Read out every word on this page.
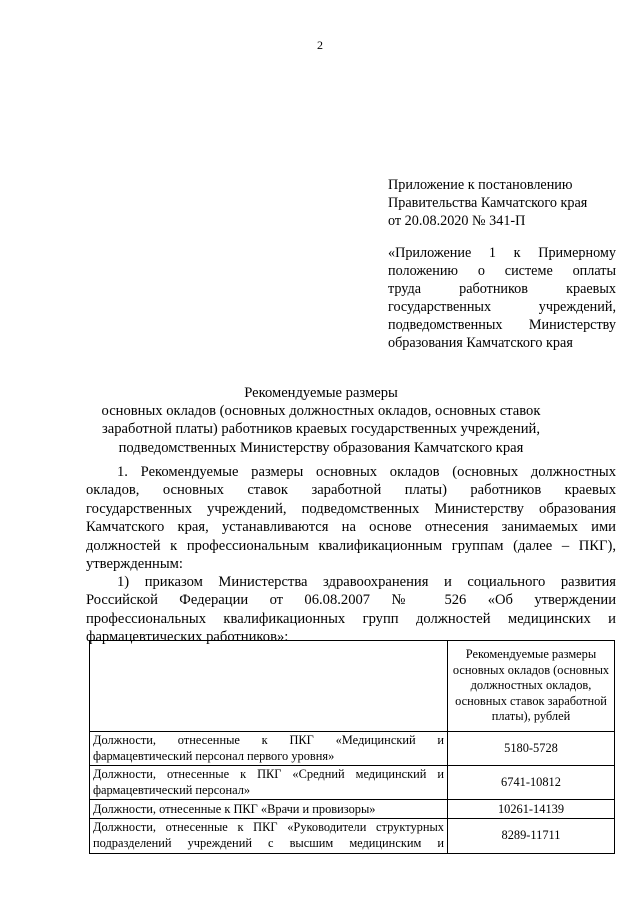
2
Приложение к постановлению
Правительства Камчатского края
от 20.08.2020 № 341-П
«Приложение 1 к Примерному
положению о системе оплаты
труда работников краевых
государственных учреждений,
подведомственных Министерству
образования Камчатского края
Рекомендуемые размеры
основных окладов (основных должностных окладов, основных ставок
заработной платы) работников краевых государственных учреждений,
подведомственных Министерству образования Камчатского края
1. Рекомендуемые размеры основных окладов (основных должностных
окладов, основных ставок заработной платы) работников краевых
государственных учреждений, подведомственных Министерству образования
Камчатского края, устанавливаются на основе отнесения занимаемых ими
должностей к профессиональным квалификационным группам (далее – ПКГ),
утвержденным:
1) приказом Министерства здравоохранения и социального развития
Российской Федерации от 06.08.2007 № 526 «Об утверждении
профессиональных квалификационных групп должностей медицинских и
фармацевтических работников»:
	Рекомендуемые размеры основных окладов (основных должностных окладов, основных ставок заработной платы), рублей

Должности, отнесенные к ПКГ «Медицинский и
фармацевтический персонал первого уровня»	5180-5728

Должности, отнесенные к ПКГ «Средний медицинский и
фармацевтический персонал»	6741-10812

Должности, отнесенные к ПКГ «Врачи и провизоры»	10261-14139

Должности, отнесенные к ПКГ «Руководители структурных
подразделений учреждений с высшим медицинским и	8289-11711
